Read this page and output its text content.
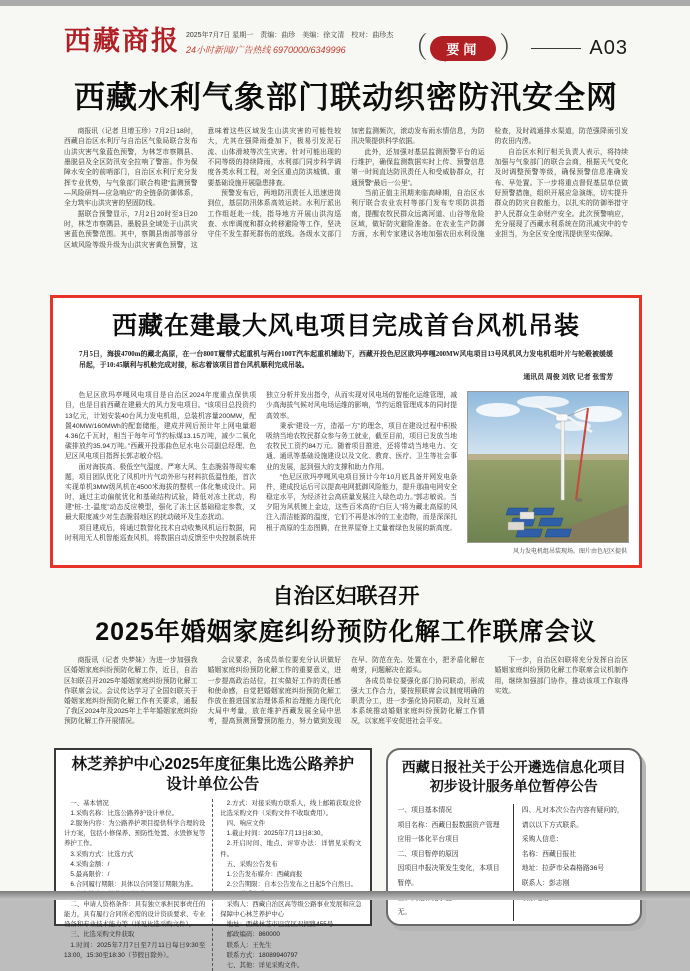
西藏商报 2025年7月7日 星期一　责编：曲珍　美编：徐文清　校对：曲珍杰
24小时新闻/广告热线 6970000/6349996	（	要闻 ）	A03
西藏水利气象部门联动织密防汛安全网

商报讯（记者 旦增玉珍）7月2日18时，西藏自治区水利厅与自治区气象局联合发布山洪灾害气象蓝色预警，为林芝市察隅县、墨脱县及全区防汛安全拉响了警笛。作为保障水安全的前哨部门，自治区水利厅充分发挥专业优势，与气象部门联合构建“监测预警—风险研判—应急响应”的全链条防御体系，全力筑牢山洪灾害的坚固防线。

据联合预警显示，7月2日20时至3日20时，林芝市察隅县、墨脱县全域处于山洪灾害蓝色预警范围。其中，察隅县南部等部分区域风险等级升级为山洪灾害黄色预警，这意味着这些区域发生山洪灾害的可能性较大，尤其在强降雨叠加下，极易引发泥石流、山体滑坡等次生灾害。针对可能出现的不同等级的持续降雨，水利部门同步科学调度各类水利工程，对全区重点防洪城镇、重要基础设施开展隐患排查。

预警发布后，两地防汛责任人迅速进岗到位，基层防汛体系高效运转。水利厅派出工作组赶赴一线，指导地方开展山洪沟巡查、水库调度和群众转移避险等工作，坚决守住不发生群死群伤的底线。各级水文部门加密监测频次，滚动发布雨水情信息，为防汛决策提供科学依据。

此外，还加强对基层监测预警平台的运行维护，确保监测数据实时上传、预警信息第一时间直达防汛责任人和受威胁群众，打通预警“最后一公里”。

当前正值主汛期来临高峰期，自治区水利厅联合农业农村等部门发布专项防洪指南，提醒农牧民群众远离河道、山谷等危险区域，做好防灾避险准备。在农业生产防御方面，水利专家建议各地加强农田水利设施检查，及时疏通排水渠道，防范强降雨引发的农田内涝。

自治区水利厅相关负责人表示，将持续加强与气象部门的联合会商，根据天气变化及时调整预警等级，确保预警信息准确发布、早处置。下一步将重点督促基层单位做好预警措施，组织开展应急演练，切实提升群众的防灾自救能力，以扎实的防御举措守护人民群众生命财产安全。此次预警响应，充分展现了西藏水利系统在防汛减灾中的专业担当，为全区安全度汛提供坚实保障。

西藏在建最大风电项目完成首台风机吊装
7月5日，海拔4700m的藏北高原，在一台800T履带式起重机与两台100T汽车起重机辅助下，西藏开投色尼区欧玛亭嘎200MW风电项目13号风机风力发电机组叶片与轮毂被缓缓吊起，于10:45顺利与机舱完成对接，标志着该项目首台风机顺利完成吊装。
通讯员 周俊 刘欣 记者 张雪芳

色尼区欧玛亭嘎风电项目是自治区2024年度重点保供项目，也是目前西藏在建最大的风力发电项目。“该项目总投资约13亿元，计划安装40台风力发电机组，总装机容量200MW，配置40MW/160MWh的配套储能，建成并网后预计年上网电量超4.36亿千瓦时，相当于每年可节约标煤13.15万吨，减少二氧化碳排放约35.94万吨。”西藏开投那曲色尼水电公司副总经理、色尼区风电项目指挥长郭志敏介绍。

面对海拔高、极低空气温度、严寒大风、生态脆弱等现实难题，项目团队优化了风机叶片气动外形与材料抗低温性能，首次实现单机3MW级风机在4500米海拔的整机一体化集成设计。同时，通过主动偏航优化和基础结构试验，降低对冻土扰动，构建“桩-土-温度”动态反应模型，强化了冻土区基础稳定参数，又最大限度减少对生态脆弱地区的扰动破坏及生态扰动。

项目建成后，将通过数智化技术自动收集风机运行数据，同时利用无人机智能巡查风机，将数据自动反馈至中央控制系统并独立分析并发出指令，从而实现对风电场的智能化运维管理，减少高海拔气候对风电场运维的影响，节约运维管理成本的同时提高效率。

秉承“建设一方，造福一方”的理念，项目在建设过程中积极吸纳当地农牧民群众参与务工就业，截至目前，项目已发放当地农牧民工资约84万元。随着项目推进，还将带动当地电力、交通、通讯等基础设施建设以及文化、教育、医疗、卫生等社会事业的发展，起到强大的支撑和助力作用。

“色尼区欧玛亭嘎风电项目预计今年10月底具备并网发电条件，建成投运后可以提高电网抵御风险能力，提升那曲电网安全稳定水平，为经济社会高质量发展注入绿色动力。”郭志敏说。当夕阳为风机镀上金边，这些百米高的“白巨人”将为藏北高原的风注入清洁能源的温度，它们不再是冰冷的工业造物，而是深深扎根于高原的生态图腾，在世界屋脊上丈量着绿色发展的新高度。

风力发电机组吊装现场。图片由色尼区提供
自治区妇联召开
2025年婚姻家庭纠纷预防化解工作联席会议

商报讯（记者 央梦妹）为进一步加强我区婚姻家庭纠纷预防化解工作，近日，自治区妇联召开2025年婚姻家庭纠纷预防化解工作联席会议。会议传达学习了全国妇联关于婚姻家庭纠纷预防化解工作有关要求，通报了我区2024年及2025年上半年婚姻家庭纠纷预防化解工作开展情况。

会议要求，各成员单位要充分认识做好婚姻家庭纠纷预防化解工作的重要意义，进一步提高政治站位，扛实做好工作的责任感和使命感，自觉把婚姻家庭纠纷预防化解工作放在推进国家治理体系和治理能力现代化大局中考量，放在维护西藏发展全局中思考，提高预测预警预防能力，努力做到发现在早、防范在先、处置在小，把矛盾化解在萌芽，问题解决在源头。

各成员单位要强化部门协同联动，形成强大工作合力，要按照联席会议制度明确的职责分工，进一步强化协同联动，及时互通本系统推动婚姻家庭纠纷预防化解工作情况，以家庭平安促进社会平安。

下一步，自治区妇联将充分发挥自治区婚姻家庭纠纷预防化解工作联席会议机制作用，继续加强部门协作，推动该项工作取得实效。

林芝养护中心2025年度征集比选公路养护
设计单位公告
一、基本情况
1.采购名称：比选公路养护设计单位。
2.服务内容：为公路养护项目提供科学合理的设计方案，包括小修保养、预防性处置、水毁修复等养护工作。
3.采购方式：比选方式
4.采购金额：/
5.最高限价：/
6.合同履行期限：具体以合同签订期限为准。
二、申请人资格条件：具有独立承担民事责任的能力，具有履行合同所必需的设计资质要求、专业设备和专业技术能力等（详见比选采购文件）。
三、比选采购文件获取
1.时间：2025年7月7日至7月11日每日9:30至13:00，15:30至18:30（节假日除外）。
2.方式：对接采购方联系人，线上邮箱获取竞价比选采购文件（采购文件不收取费用）。
四、响应文件
1.截止时间：2025年7月13日8:30。
2.开启时间、地点、评审办法：详情见采购文件。
五、采购公告发布
1.公告发布媒介：西藏商报
2.公告期限：自本公告发布之日起5个自然日。
采购人：西藏自治区高等级公路事业发展和应急保障中心林芝养护中心
地址：西藏林芝市巴宜区双拥路455号
邮政编码：860000
联系人：王先生
联系方式：18089940797
七、其他：详见采购文件。
西藏日报社关于公开遴选信息化项目
初步设计服务单位暂停公告
一、项目基本情况
项目名称：西藏日报数据资产管理应用一体化平台项目
二、项目暂停的原因
因项目申报决策发生变化，本项目暂停。
无。
四、凡对本次公告内容有疑问的，请以以下方式联系。
采购人信息：
名称：西藏日报社
地址：拉萨市朵森格路36号
联系人：彭志刚
